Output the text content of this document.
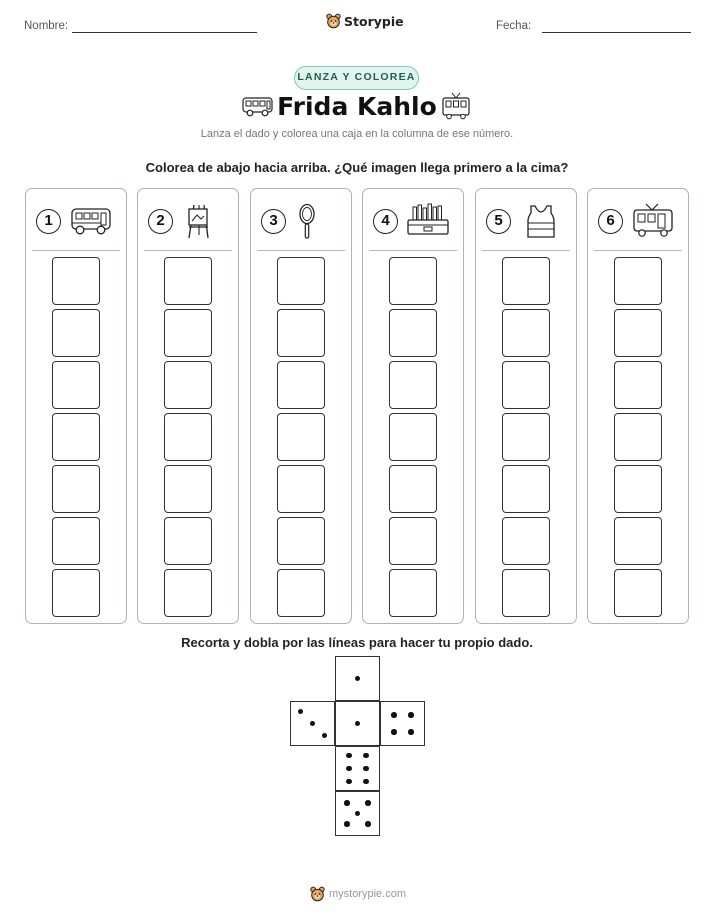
Nombre:	Storypie	Fecha:
LANZA Y COLOREA
Frida Kahlo
Lanza el dado y colorea una caja en la columna de ese número.
Colorea de abajo hacia arriba. ¿Qué imagen llega primero a la cima?
1	2	3	4	5	6
Recorta y dobla por las líneas para hacer tu propio dado.
mystorypie.com
